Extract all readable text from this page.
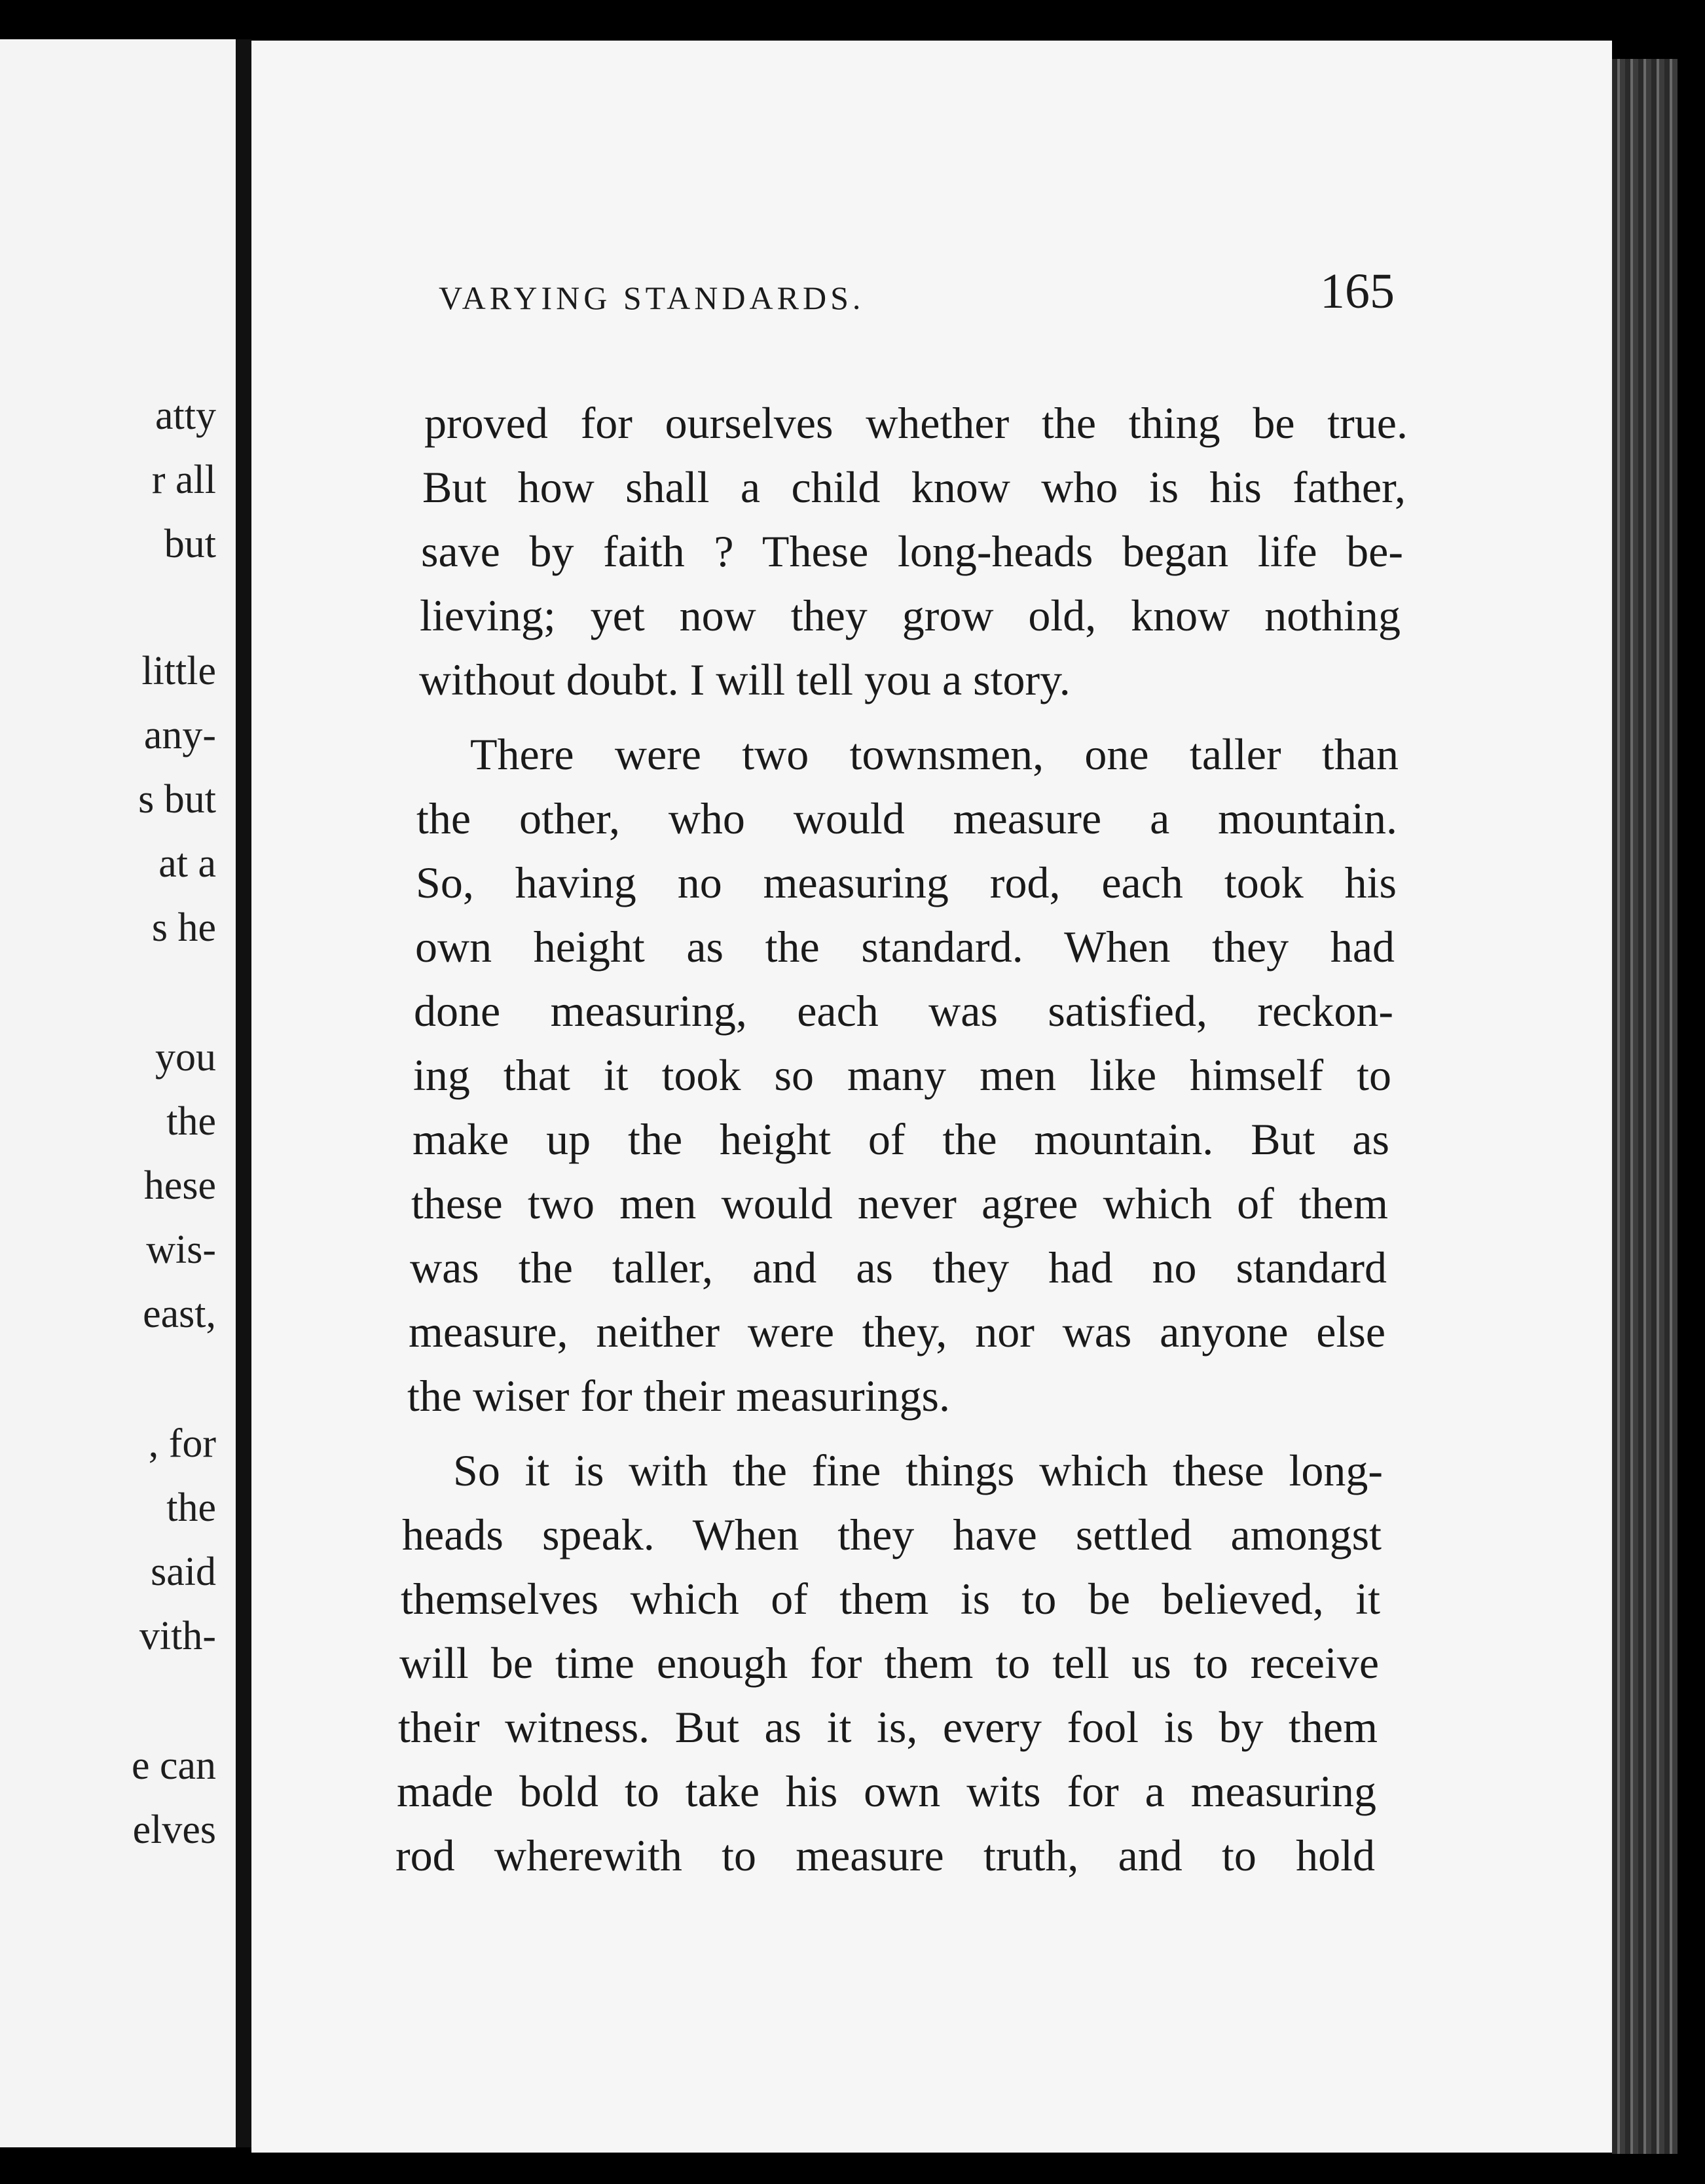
atty
r all
but
little
any-
s but
at a
s he
you
the
hese
wis-
east,
, for
the
said
vith-
e can
elves
VARYING STANDARDS.	165
proved for ourselves whether the thing be true.
But how shall a child know who is his father,
save by faith ? These long-heads began life be-
lieving; yet now they grow old, know nothing
without doubt. I will tell you a story.
There were two townsmen, one taller than
the other, who would measure a mountain.
So, having no measuring rod, each took his
own height as the standard. When they had
done measuring, each was satisfied, reckon-
ing that it took so many men like himself to
make up the height of the mountain. But as
these two men would never agree which of them
was the taller, and as they had no standard
measure, neither were they, nor was anyone else
the wiser for their measurings.
So it is with the fine things which these long-
heads speak. When they have settled amongst
themselves which of them is to be believed, it
will be time enough for them to tell us to receive
their witness. But as it is, every fool is by them
made bold to take his own wits for a measuring
rod wherewith to measure truth, and to hold
